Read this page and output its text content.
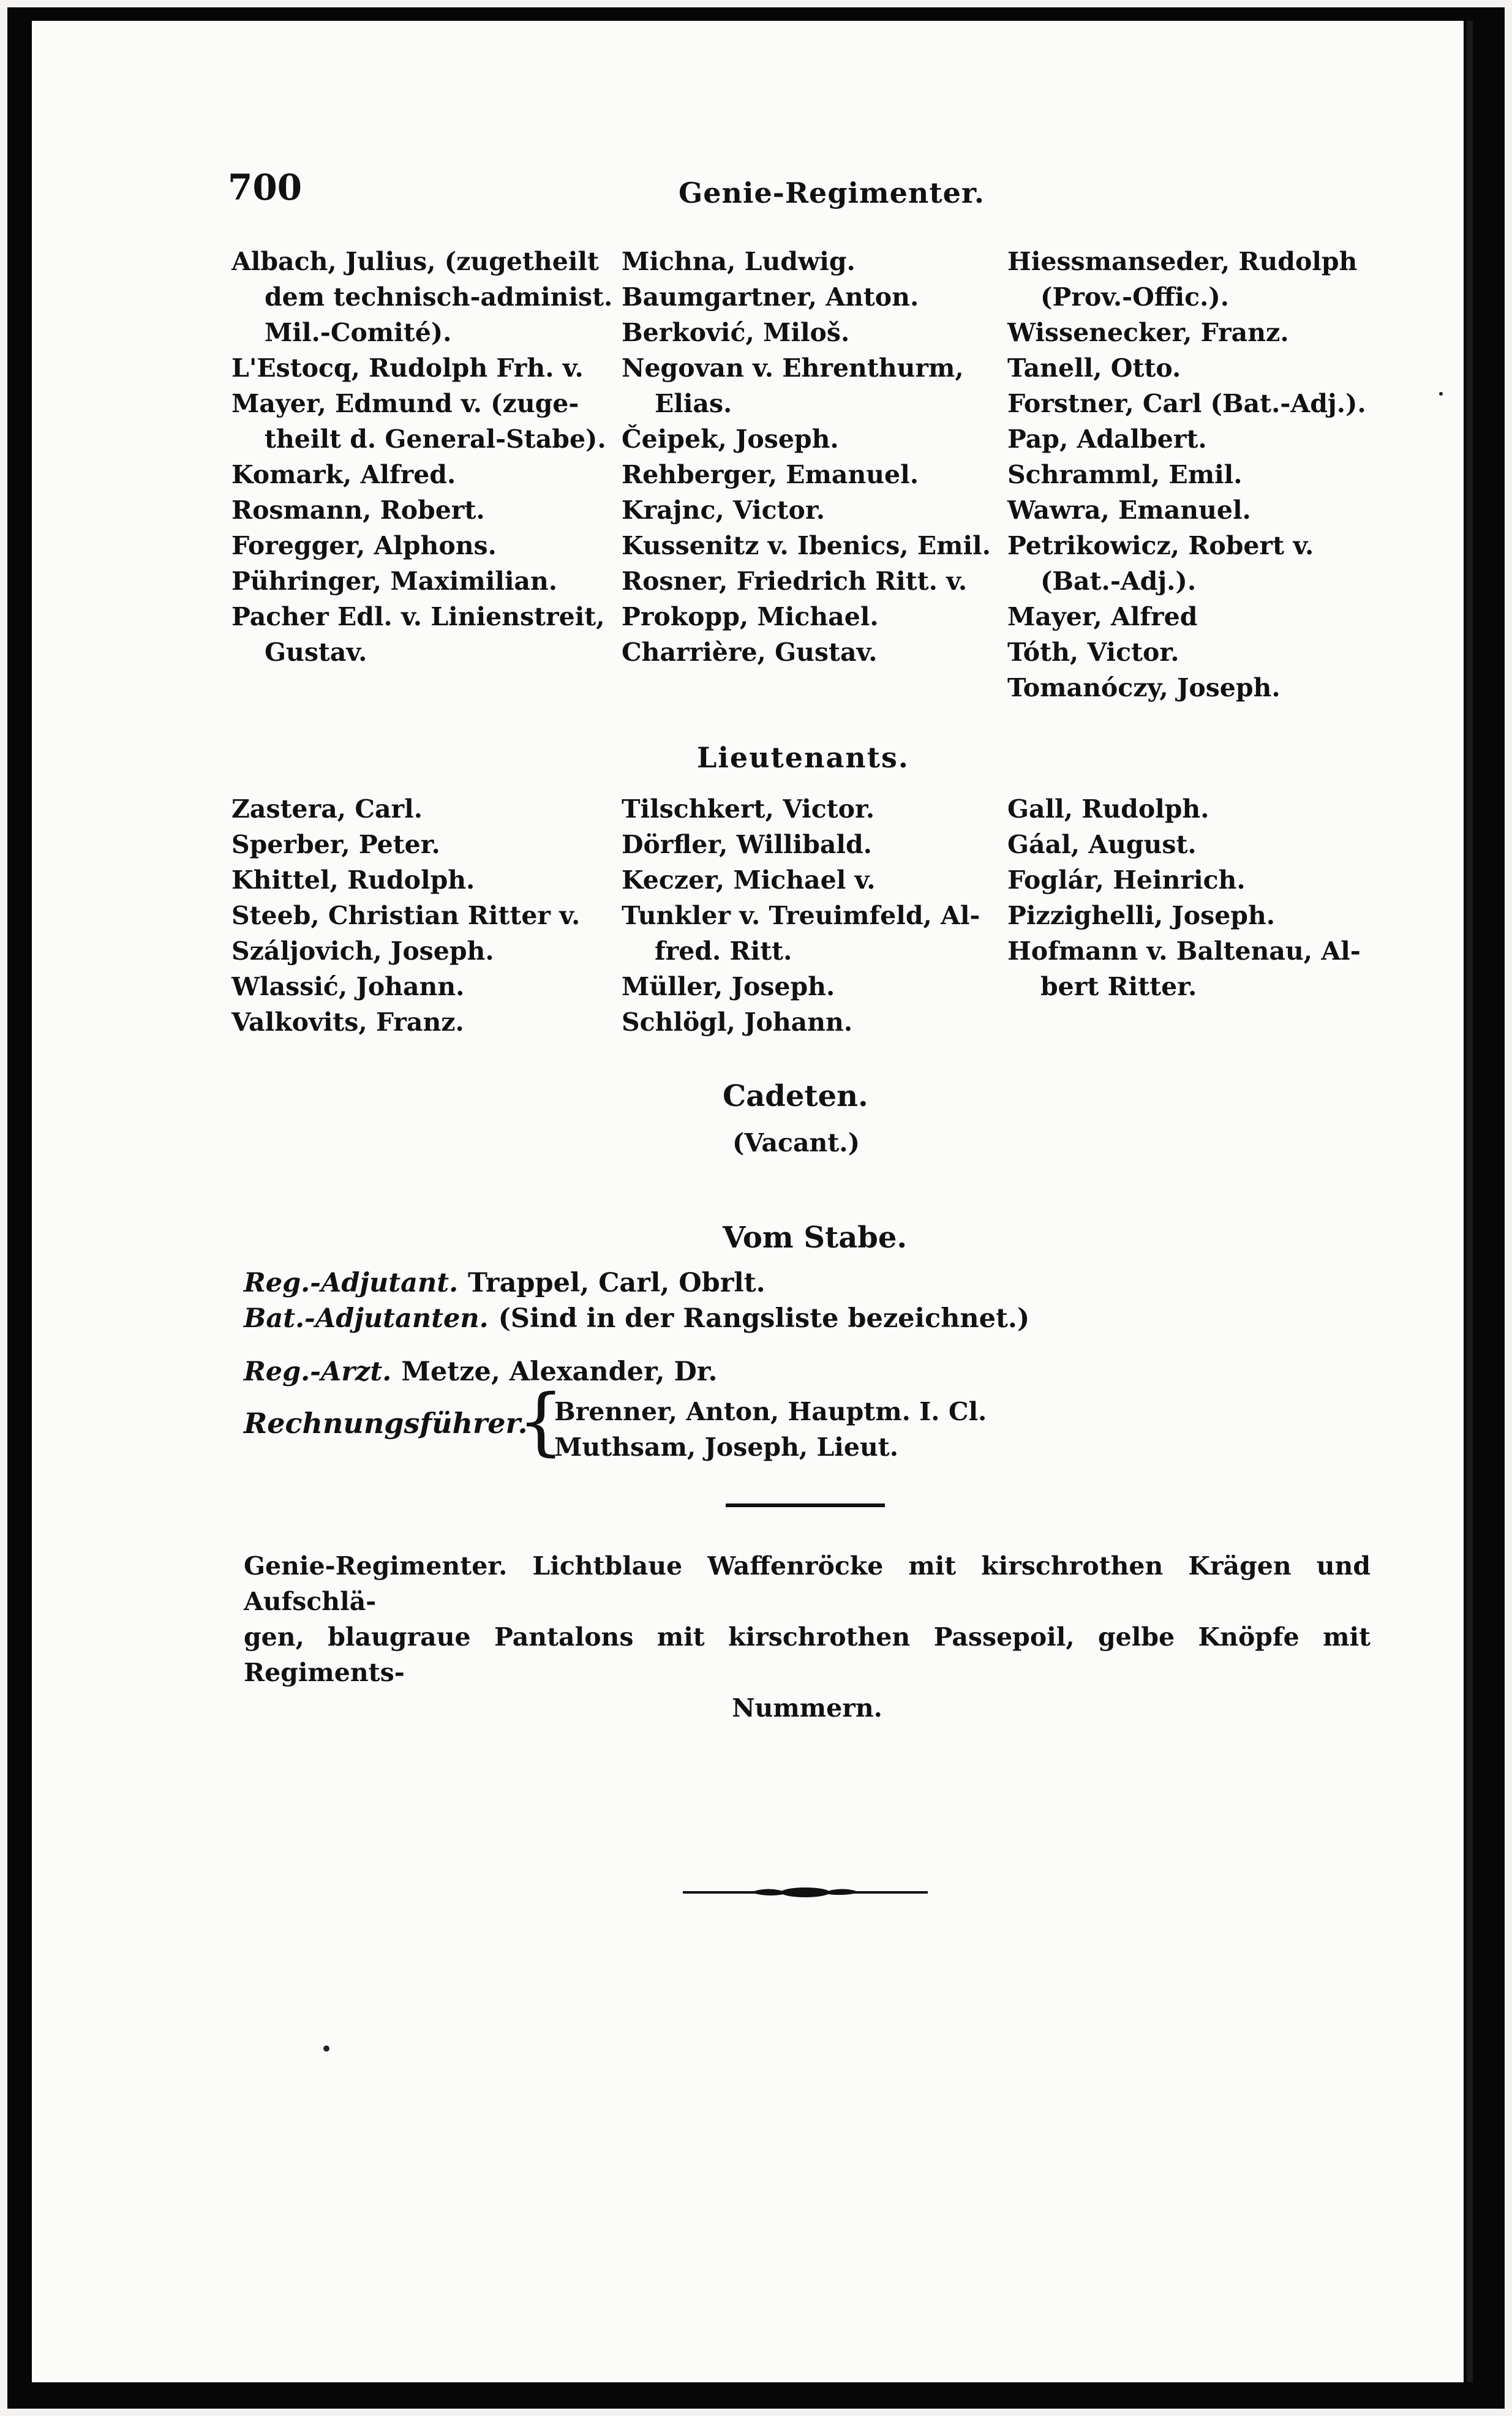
700	Genie-Regimenter.
Albach, Julius, (zugetheilt
dem technisch-administ.
Mil.-Comité).
L'Estocq, Rudolph Frh. v.
Mayer, Edmund v. (zuge-
theilt d. General-Stabe).
Komark, Alfred.
Rosmann, Robert.
Foregger, Alphons.
Pühringer, Maximilian.
Pacher Edl. v. Linienstreit,
Gustav.
Michna, Ludwig.
Baumgartner, Anton.
Berković, Miloš.
Negovan v. Ehrenthurm,
Elias.
Čeipek, Joseph.
Rehberger, Emanuel.
Krajnc, Victor.
Kussenitz v. Ibenics, Emil.
Rosner, Friedrich Ritt. v.
Prokopp, Michael.
Charrière, Gustav.
Hiessmanseder, Rudolph
(Prov.-Offic.).
Wissenecker, Franz.
Tanell, Otto.
Forstner, Carl (Bat.-Adj.).
Pap, Adalbert.
Schramml, Emil.
Wawra, Emanuel.
Petrikowicz, Robert v.
(Bat.-Adj.).
Mayer, Alfred
Tóth, Victor.
Tomanóczy, Joseph.
Lieutenants.
Zastera, Carl.
Sperber, Peter.
Khittel, Rudolph.
Steeb, Christian Ritter v.
Száljovich, Joseph.
Wlassić, Johann.
Valkovits, Franz.
Tilschkert, Victor.
Dörfler, Willibald.
Keczer, Michael v.
Tunkler v. Treuimfeld, Al-
fred. Ritt.
Müller, Joseph.
Schlögl, Johann.
Gall, Rudolph.
Gáal, August.
Foglár, Heinrich.
Pizzighelli, Joseph.
Hofmann v. Baltenau, Al-
bert Ritter.
Cadeten.
(Vacant.)
Vom Stabe.
Reg.-Adjutant. Trappel, Carl, Obrlt.
Bat.-Adjutanten. (Sind in der Rangsliste bezeichnet.)
Reg.-Arzt. Metze, Alexander, Dr.
Rechnungsführer.
{
Brenner, Anton, Hauptm. I. Cl.
Muthsam, Joseph, Lieut.
Genie-Regimenter. Lichtblaue Waffenröcke mit kirschrothen Krägen und Aufschlä-
gen, blaugraue Pantalons mit kirschrothen Passepoil, gelbe Knöpfe mit Regiments-
Nummern.
